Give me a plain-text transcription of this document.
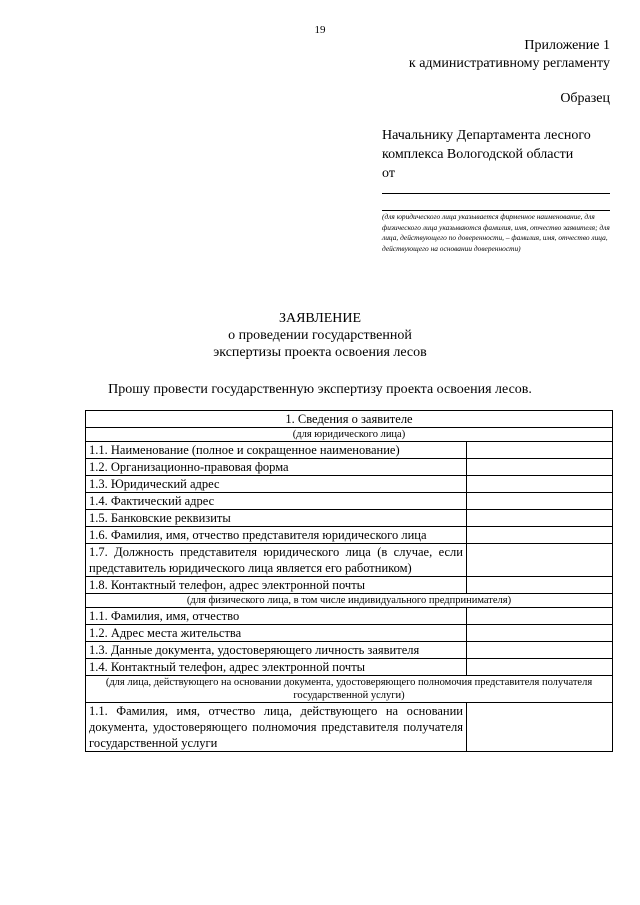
19
Приложение 1
к административному регламенту
Образец
Начальнику Департамента лесного
комплекса Вологодской области
от
(для юридического лица указывается фирменное наименование, для физического лица указываются фамилия, имя, отчество заявителя; для лица, действующего по доверенности, – фамилия, имя, отчество лица, действующего на основании доверенности)
ЗАЯВЛЕНИЕ
о проведении государственной
экспертизы проекта освоения лесов
Прошу провести государственную экспертизу проекта освоения лесов.
1. Сведения о заявителе	
(для юридического лица)	
1.1. Наименование (полное и сокращенное наименование)	
1.2. Организационно-правовая форма	
1.3. Юридический адрес	
1.4. Фактический адрес	
1.5. Банковские реквизиты	
1.6. Фамилия, имя, отчество представителя юридического лица	
1.7. Должность представителя юридического лица (в случае, если представитель юридического лица является его работником)	
1.8. Контактный телефон, адрес электронной почты	
(для физического лица, в том числе индивидуального предпринимателя)	
1.1. Фамилия, имя, отчество	
1.2. Адрес места жительства	
1.3. Данные документа, удостоверяющего личность заявителя	
1.4. Контактный телефон, адрес электронной почты	
(для лица, действующего на основании документа, удостоверяющего полномочия представителя получателя государственной услуги)	
1.1. Фамилия, имя, отчество лица, действующего на основании документа, удостоверяющего полномочия представителя получателя государственной услуги	
